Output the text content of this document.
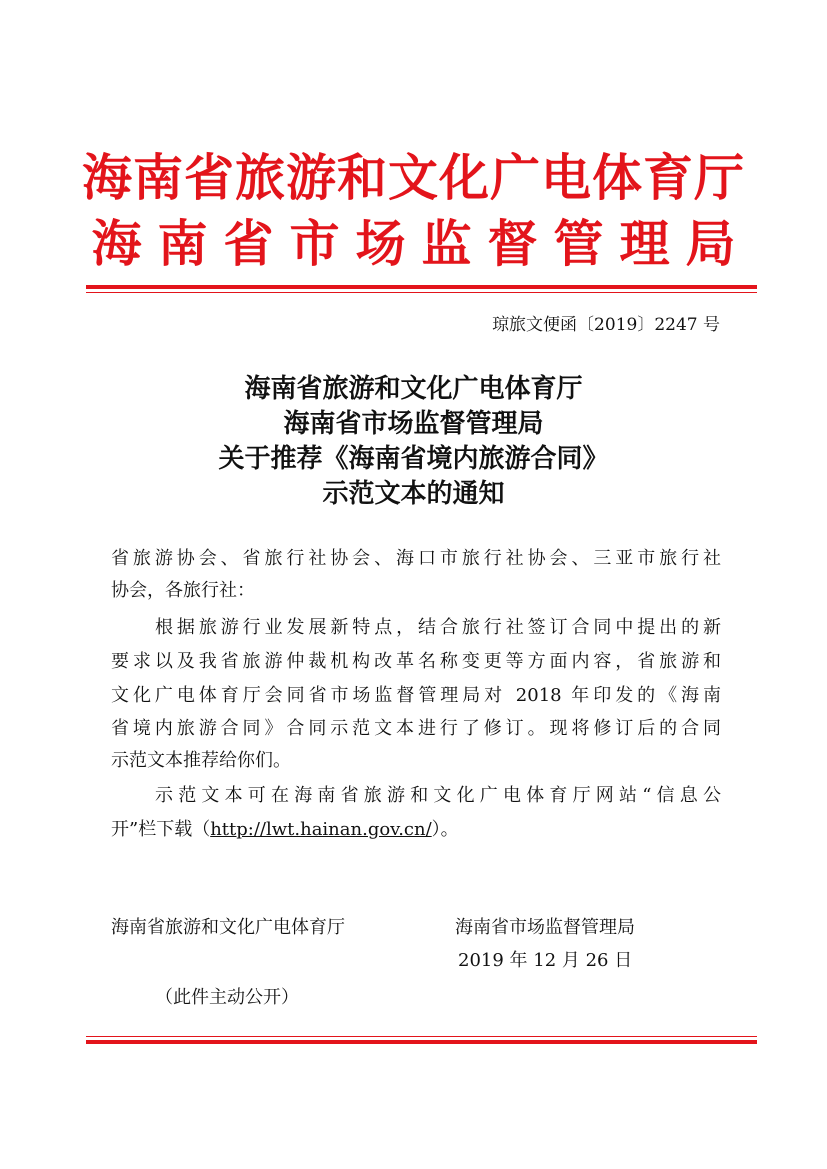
海南省旅游和文化广电体育厅
海南省市场监督管理局
琼旅文便函〔2019〕2247 号
海南省旅游和文化广电体育厅
海南省市场监督管理局
关于推荐《海南省境内旅游合同》
示范文本的通知
省旅游协会、省旅行社协会、海口市旅行社协会、三亚市旅行社
协会，各旅行社：
根据旅游行业发展新特点，结合旅行社签订合同中提出的新
要求以及我省旅游仲裁机构改革名称变更等方面内容，省旅游和
文化广电体育厅会同省市场监督管理局对 2018 年印发的《海南
省境内旅游合同》合同示范文本进行了修订。现将修订后的合同
示范文本推荐给你们。
示范文本可在海南省旅游和文化广电体育厅网站“信息公
开”栏下载（http://lwt.hainan.gov.cn/）。
海南省旅游和文化广电体育厅	海南省市场监督管理局
2019 年 12 月 26 日
（此件主动公开）
